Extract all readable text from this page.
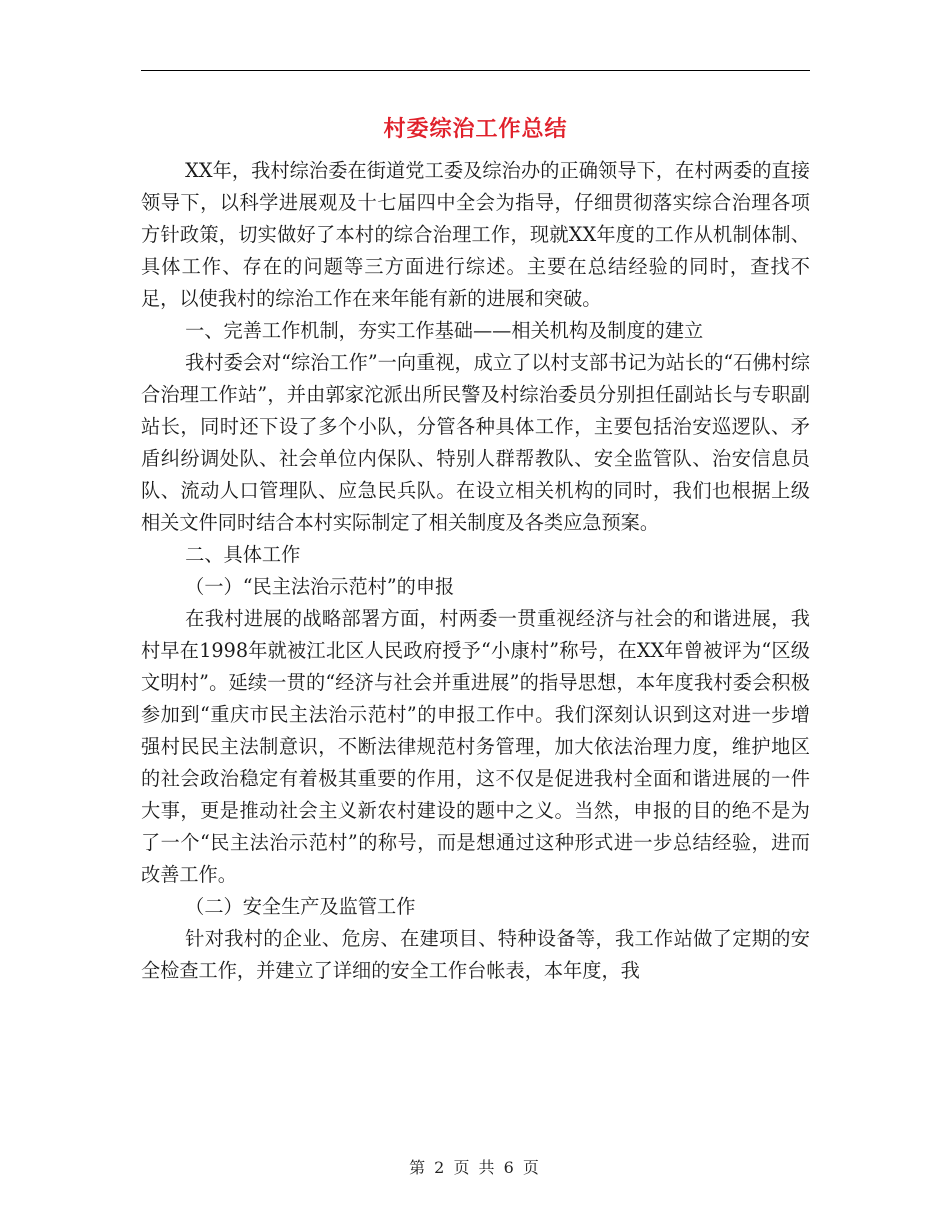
村委综治工作总结

XX年，我村综治委在街道党工委及综治办的正确领导下，在村两委的直接领导下，以科学进展观及十七届四中全会为指导，仔细贯彻落实综合治理各项方针政策，切实做好了本村的综合治理工作，现就XX年度的工作从机制体制、具体工作、存在的问题等三方面进行综述。主要在总结经验的同时，查找不足，以使我村的综治工作在来年能有新的进展和突破。

一、完善工作机制，夯实工作基础——相关机构及制度的建立

我村委会对“综治工作”一向重视，成立了以村支部书记为站长的“石佛村综合治理工作站”，并由郭家沱派出所民警及村综治委员分别担任副站长与专职副站长，同时还下设了多个小队，分管各种具体工作，主要包括治安巡逻队、矛盾纠纷调处队、社会单位内保队、特别人群帮教队、安全监管队、治安信息员队、流动人口管理队、应急民兵队。在设立相关机构的同时，我们也根据上级相关文件同时结合本村实际制定了相关制度及各类应急预案。

二、具体工作

（一）“民主法治示范村”的申报

在我村进展的战略部署方面，村两委一贯重视经济与社会的和谐进展，我村早在1998年就被江北区人民政府授予“小康村”称号，在XX年曾被评为“区级文明村”。延续一贯的“经济与社会并重进展”的指导思想，本年度我村委会积极参加到“重庆市民主法治示范村”的申报工作中。我们深刻认识到这对进一步增强村民民主法制意识，不断法律规范村务管理，加大依法治理力度，维护地区的社会政治稳定有着极其重要的作用，这不仅是促进我村全面和谐进展的一件大事，更是推动社会主义新农村建设的题中之义。当然，申报的目的绝不是为了一个“民主法治示范村”的称号，而是想通过这种形式进一步总结经验，进而改善工作。

（二）安全生产及监管工作

针对我村的企业、危房、在建项目、特种设备等，我工作站做了定期的安全检查工作，并建立了详细的安全工作台帐表，本年度，我

第 2 页 共 6 页
